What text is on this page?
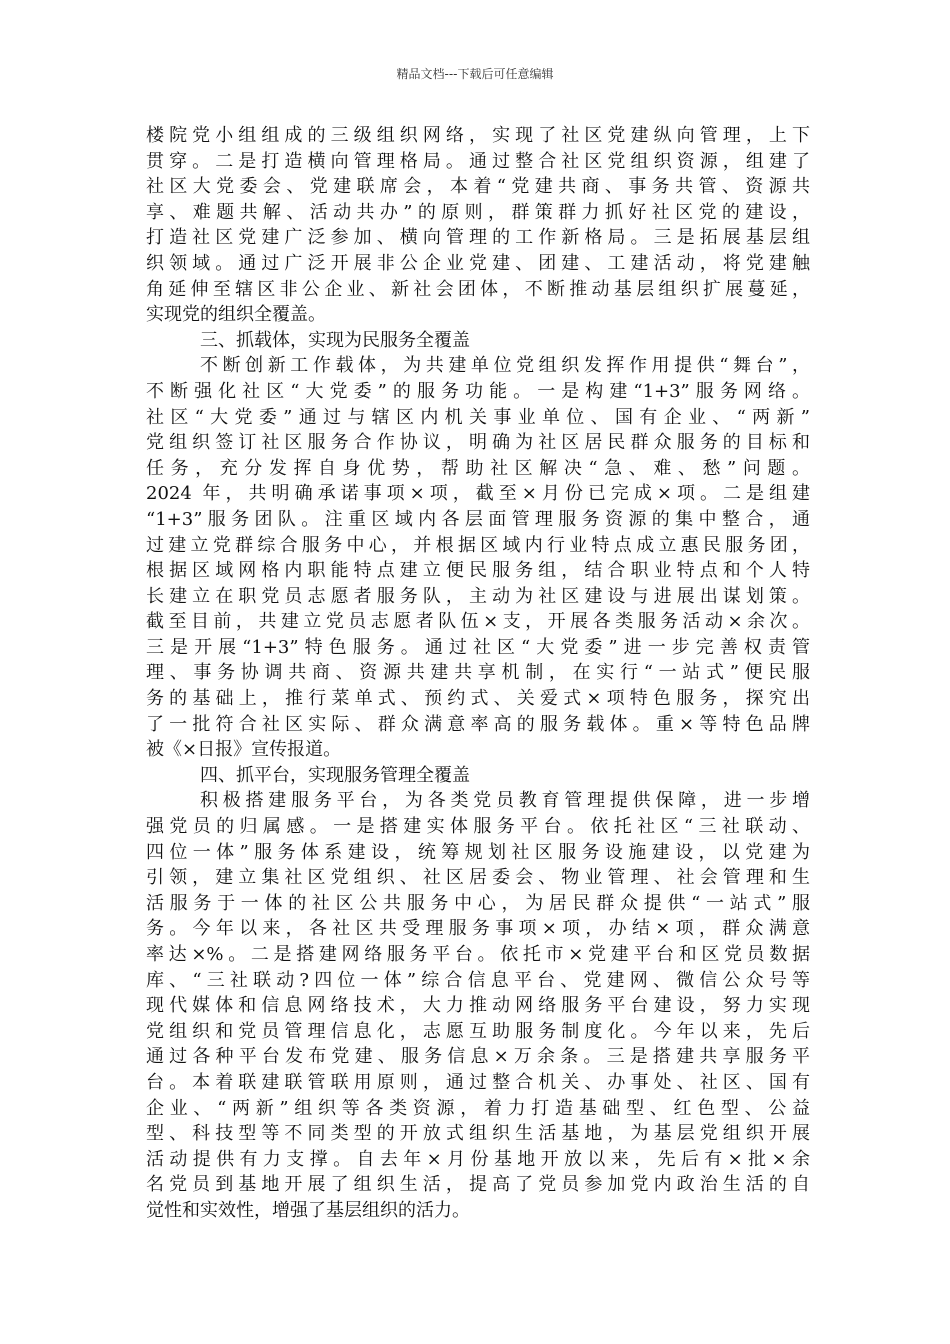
精品文档---下载后可任意编辑
楼院党小组组成的三级组织网络，实现了社区党建纵向管理，上下
贯穿。二是打造横向管理格局。通过整合社区党组织资源，组建了
社区大党委会、党建联席会，本着“党建共商、事务共管、资源共
享、难题共解、活动共办”的原则，群策群力抓好社区党的建设，
打造社区党建广泛参加、横向管理的工作新格局。三是拓展基层组
织领域。通过广泛开展非公企业党建、团建、工建活动，将党建触
角延伸至辖区非公企业、新社会团体，不断推动基层组织扩展蔓延，
实现党的组织全覆盖。
三、抓载体，实现为民服务全覆盖
不断创新工作载体，为共建单位党组织发挥作用提供“舞台”，
不断强化社区“大党委”的服务功能。一是构建“1+3”服务网络。
社区“大党委”通过与辖区内机关事业单位、国有企业、“两新”
党组织签订社区服务合作协议，明确为社区居民群众服务的目标和
任务，充分发挥自身优势，帮助社区解决“急、难、愁”问题。
2024 年，共明确承诺事项×项，截至×月份已完成×项。二是组建
“1+3”服务团队。注重区域内各层面管理服务资源的集中整合，通
过建立党群综合服务中心，并根据区域内行业特点成立惠民服务团，
根据区域网格内职能特点建立便民服务组，结合职业特点和个人特
长建立在职党员志愿者服务队，主动为社区建设与进展出谋划策。
截至目前，共建立党员志愿者队伍×支，开展各类服务活动×余次。
三是开展“1+3”特色服务。通过社区“大党委”进一步完善权责管
理、事务协调共商、资源共建共享机制，在实行“一站式”便民服
务的基础上，推行菜单式、预约式、关爱式×项特色服务，探究出
了一批符合社区实际、群众满意率高的服务载体。重×等特色品牌
被《×日报》宣传报道。
四、抓平台，实现服务管理全覆盖
积极搭建服务平台，为各类党员教育管理提供保障，进一步增
强党员的归属感。一是搭建实体服务平台。依托社区“三社联动、
四位一体”服务体系建设，统筹规划社区服务设施建设，以党建为
引领，建立集社区党组织、社区居委会、物业管理、社会管理和生
活服务于一体的社区公共服务中心，为居民群众提供“一站式”服
务。今年以来，各社区共受理服务事项×项，办结×项，群众满意
率达×%。二是搭建网络服务平台。依托市×党建平台和区党员数据
库、“三社联动?四位一体”综合信息平台、党建网、微信公众号等
现代媒体和信息网络技术，大力推动网络服务平台建设，努力实现
党组织和党员管理信息化，志愿互助服务制度化。今年以来，先后
通过各种平台发布党建、服务信息×万余条。三是搭建共享服务平
台。本着联建联管联用原则，通过整合机关、办事处、社区、国有
企业、“两新”组织等各类资源，着力打造基础型、红色型、公益
型、科技型等不同类型的开放式组织生活基地，为基层党组织开展
活动提供有力支撑。自去年×月份基地开放以来，先后有×批×余
名党员到基地开展了组织生活，提高了党员参加党内政治生活的自
觉性和实效性，增强了基层组织的活力。
